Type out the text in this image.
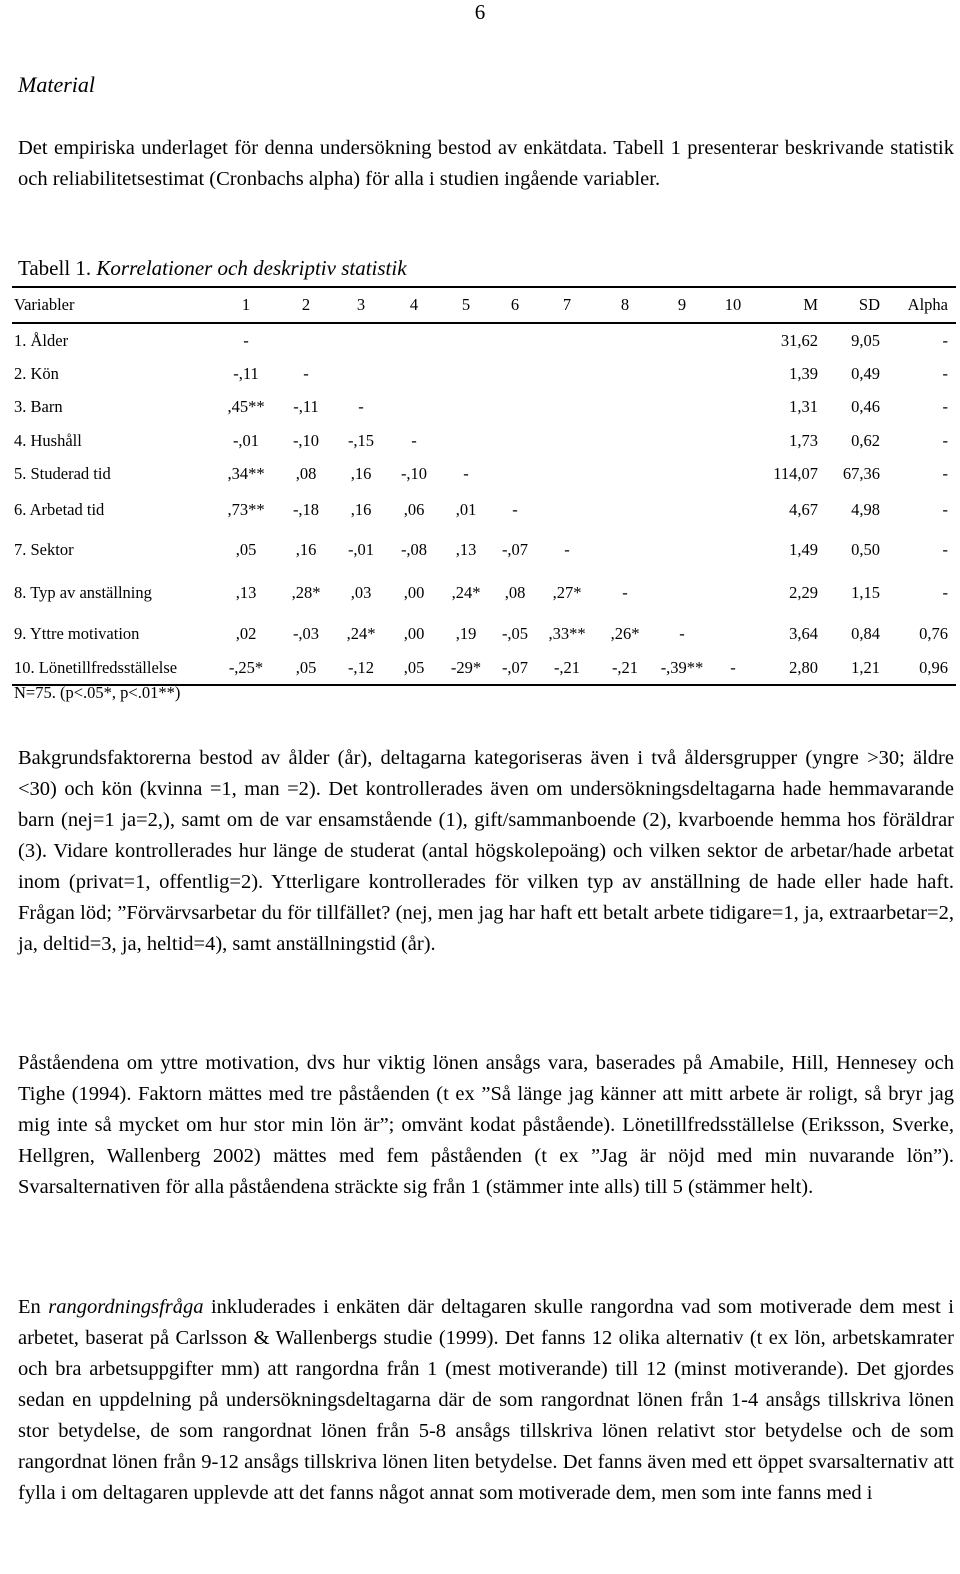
6
Material
Det empiriska underlaget för denna undersökning bestod av enkätdata. Tabell 1 presenterar beskrivande statistik och reliabilitetsestimat (Cronbachs alpha) för alla i studien ingående variabler.
Tabell 1. Korrelationer och deskriptiv statistik
Variabler	1	2	3	4	5	6	7	8	9	10	M	SD	Alpha
1. Ålder	-										31,62	9,05	-
2. Kön	-,11	-									1,39	0,49	-
3. Barn	,45**	-,11	-								1,31	0,46	-
4. Hushåll	-,01	-,10	-,15	-							1,73	0,62	-
5. Studerad tid	,34**	,08	,16	-,10	-						114,07	67,36	-
6. Arbetad tid	,73**	-,18	,16	,06	,01	-					4,67	4,98	-
7. Sektor	,05	,16	-,01	-,08	,13	-,07	-				1,49	0,50	-
8. Typ av anställning	,13	,28*	,03	,00	,24*	,08	,27*	-			2,29	1,15	-
9. Yttre motivation	,02	-,03	,24*	,00	,19	-,05	,33**	,26*	-		3,64	0,84	0,76
10. Lönetillfredsställelse	-,25*	,05	-,12	,05	-29*	-,07	-,21	-,21	-,39**	-	2,80	1,21	0,96
N=75. (p<.05*, p<.01**)
Bakgrundsfaktorerna bestod av ålder (år), deltagarna kategoriseras även i två åldersgrupper (yngre >30; äldre <30) och kön (kvinna =1, man =2). Det kontrollerades även om undersökningsdeltagarna hade hemmavarande barn (nej=1 ja=2,), samt om de var ensamstående (1), gift/sammanboende (2), kvarboende hemma hos föräldrar (3). Vidare kontrollerades hur länge de studerat (antal högskolepoäng) och vilken sektor de arbetar/hade arbetat inom (privat=1, offentlig=2). Ytterligare kontrollerades för vilken typ av anställning de hade eller hade haft. Frågan löd; ”Förvärvsarbetar du för tillfället? (nej, men jag har haft ett betalt arbete tidigare=1, ja, extraarbetar=2, ja, deltid=3, ja, heltid=4), samt anställningstid (år).
Påståendena om yttre motivation, dvs hur viktig lönen ansågs vara, baserades på Amabile, Hill, Hennesey och Tighe (1994). Faktorn mättes med tre påståenden (t ex ”Så länge jag känner att mitt arbete är roligt, så bryr jag mig inte så mycket om hur stor min lön är”; omvänt kodat påstående). Lönetillfredsställelse (Eriksson, Sverke, Hellgren, Wallenberg 2002) mättes med fem påståenden (t ex ”Jag är nöjd med min nuvarande lön”). Svarsalternativen för alla påståendena sträckte sig från 1 (stämmer inte alls) till 5 (stämmer helt).
En rangordningsfråga inkluderades i enkäten där deltagaren skulle rangordna vad som motiverade dem mest i arbetet, baserat på Carlsson & Wallenbergs studie (1999). Det fanns 12 olika alternativ (t ex lön, arbetskamrater och bra arbetsuppgifter mm) att rangordna från 1 (mest motiverande) till 12 (minst motiverande). Det gjordes sedan en uppdelning på undersökningsdeltagarna där de som rangordnat lönen från 1-4 ansågs tillskriva lönen stor betydelse, de som rangordnat lönen från 5-8 ansågs tillskriva lönen relativt stor betydelse och de som rangordnat lönen från 9-12 ansågs tillskriva lönen liten betydelse. Det fanns även med ett öppet svarsalternativ att fylla i om deltagaren upplevde att det fanns något annat som motiverade dem, men som inte fanns med i
